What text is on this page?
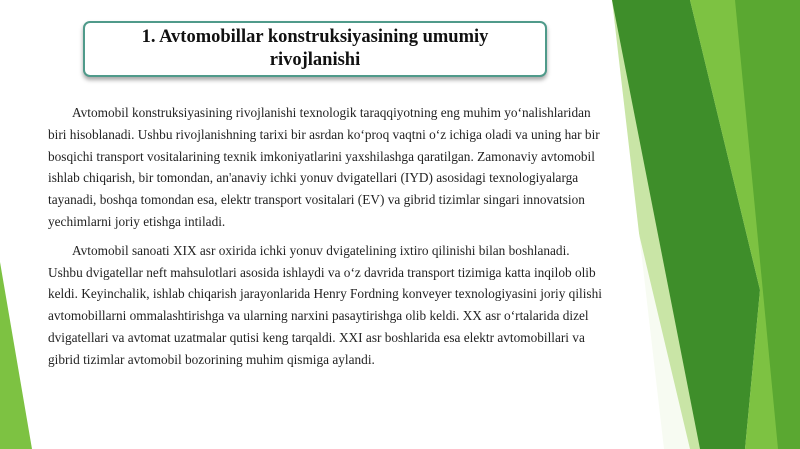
1. Avtomobillar konstruksiyasining umumiy rivojlanishi

Avtomobil konstruksiyasining rivojlanishi texnologik taraqqiyotning eng muhim yo‘nalishlaridan biri hisoblanadi. Ushbu rivojlanishning tarixi bir asrdan ko‘proq vaqtni o‘z ichiga oladi va uning har bir bosqichi transport vositalarining texnik imkoniyatlarini yaxshilashga qaratilgan. Zamonaviy avtomobil ishlab chiqarish, bir tomondan, an'anaviy ichki yonuv dvigatellari (IYD) asosidagi texnologiyalarga tayanadi, boshqa tomondan esa, elektr transport vositalari (EV) va gibrid tizimlar singari innovatsion yechimlarni joriy etishga intiladi.

Avtomobil sanoati XIX asr oxirida ichki yonuv dvigatelining ixtiro qilinishi bilan boshlanadi. Ushbu dvigatellar neft mahsulotlari asosida ishlaydi va o‘z davrida transport tizimiga katta inqilob olib keldi. Keyinchalik, ishlab chiqarish jarayonlarida Henry Fordning konveyer texnologiyasini joriy qilishi avtomobillarni ommalashtirishga va ularning narxini pasaytirishga olib keldi. XX asr o‘rtalarida dizel dvigatellari va avtomat uzatmalar qutisi keng tarqaldi. XXI asr boshlarida esa elektr avtomobillari va gibrid tizimlar avtomobil bozorining muhim qismiga aylandi.
